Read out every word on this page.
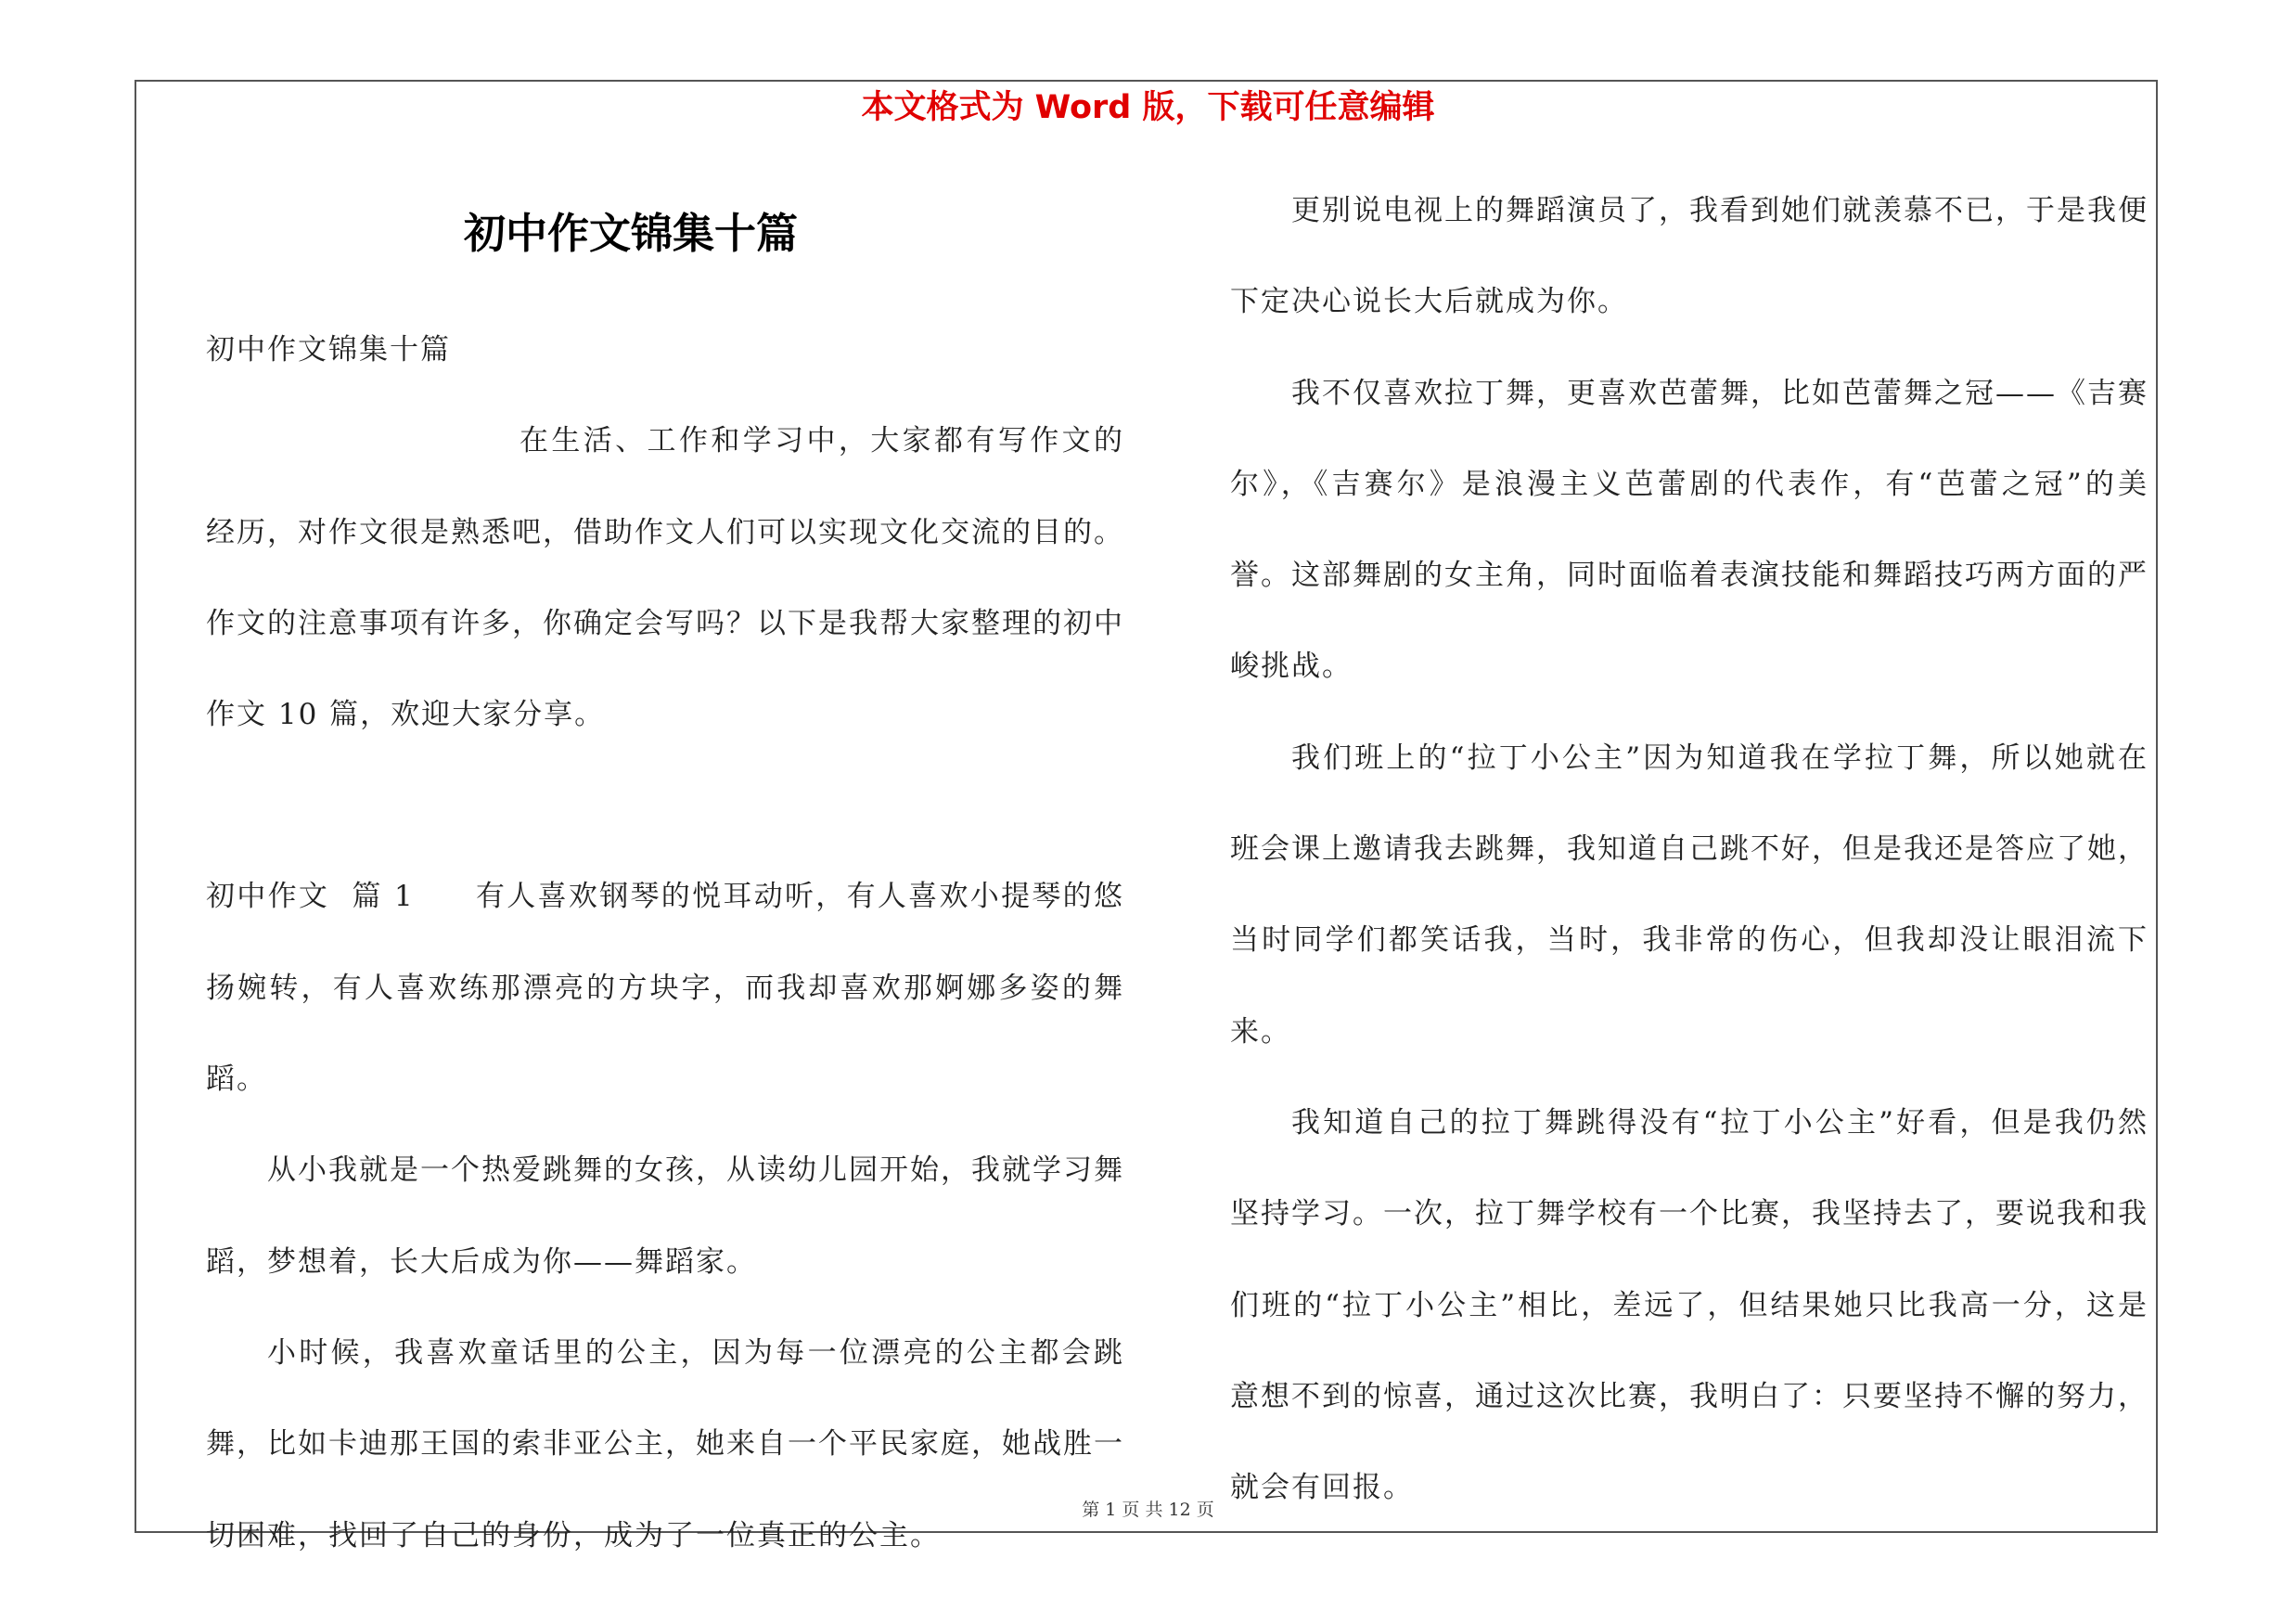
本文格式为 Word 版，下载可任意编辑
初中作文锦集十篇

初中作文锦集十篇

在生活、工作和学习中，大家都有写作文的经历，对作文很是熟悉吧，借助作文人们可以实现文化交流的目的。作文的注意事项有许多，你确定会写吗？以下是我帮大家整理的初中作文 10 篇，欢迎大家分享。

初中作文  篇 1 有人喜欢钢琴的悦耳动听，有人喜欢小提琴的悠扬婉转，有人喜欢练那漂亮的方块字，而我却喜欢那婀娜多姿的舞蹈。

从小我就是一个热爱跳舞的女孩，从读幼儿园开始，我就学习舞蹈，梦想着，长大后成为你——舞蹈家。

小时候，我喜欢童话里的公主，因为每一位漂亮的公主都会跳舞，比如卡迪那王国的索非亚公主，她来自一个平民家庭，她战胜一切困难，找回了自己的身份，成为了一位真正的公主。

更别说电视上的舞蹈演员了，我看到她们就羡慕不已，于是我便下定决心说长大后就成为你。

我不仅喜欢拉丁舞，更喜欢芭蕾舞，比如芭蕾舞之冠——《吉赛尔》，《吉赛尔》是浪漫主义芭蕾剧的代表作，有“芭蕾之冠”的美誉。这部舞剧的女主角，同时面临着表演技能和舞蹈技巧两方面的严峻挑战。

我们班上的“拉丁小公主”因为知道我在学拉丁舞，所以她就在班会课上邀请我去跳舞，我知道自己跳不好，但是我还是答应了她，当时同学们都笑话我，当时，我非常的伤心，但我却没让眼泪流下来。

我知道自己的拉丁舞跳得没有“拉丁小公主”好看，但是我仍然坚持学习。一次，拉丁舞学校有一个比赛，我坚持去了，要说我和我们班的“拉丁小公主”相比，差远了，但结果她只比我高一分，这是意想不到的惊喜，通过这次比赛，我明白了：只要坚持不懈的努力，就会有回报。

第 1 页 共 12 页
